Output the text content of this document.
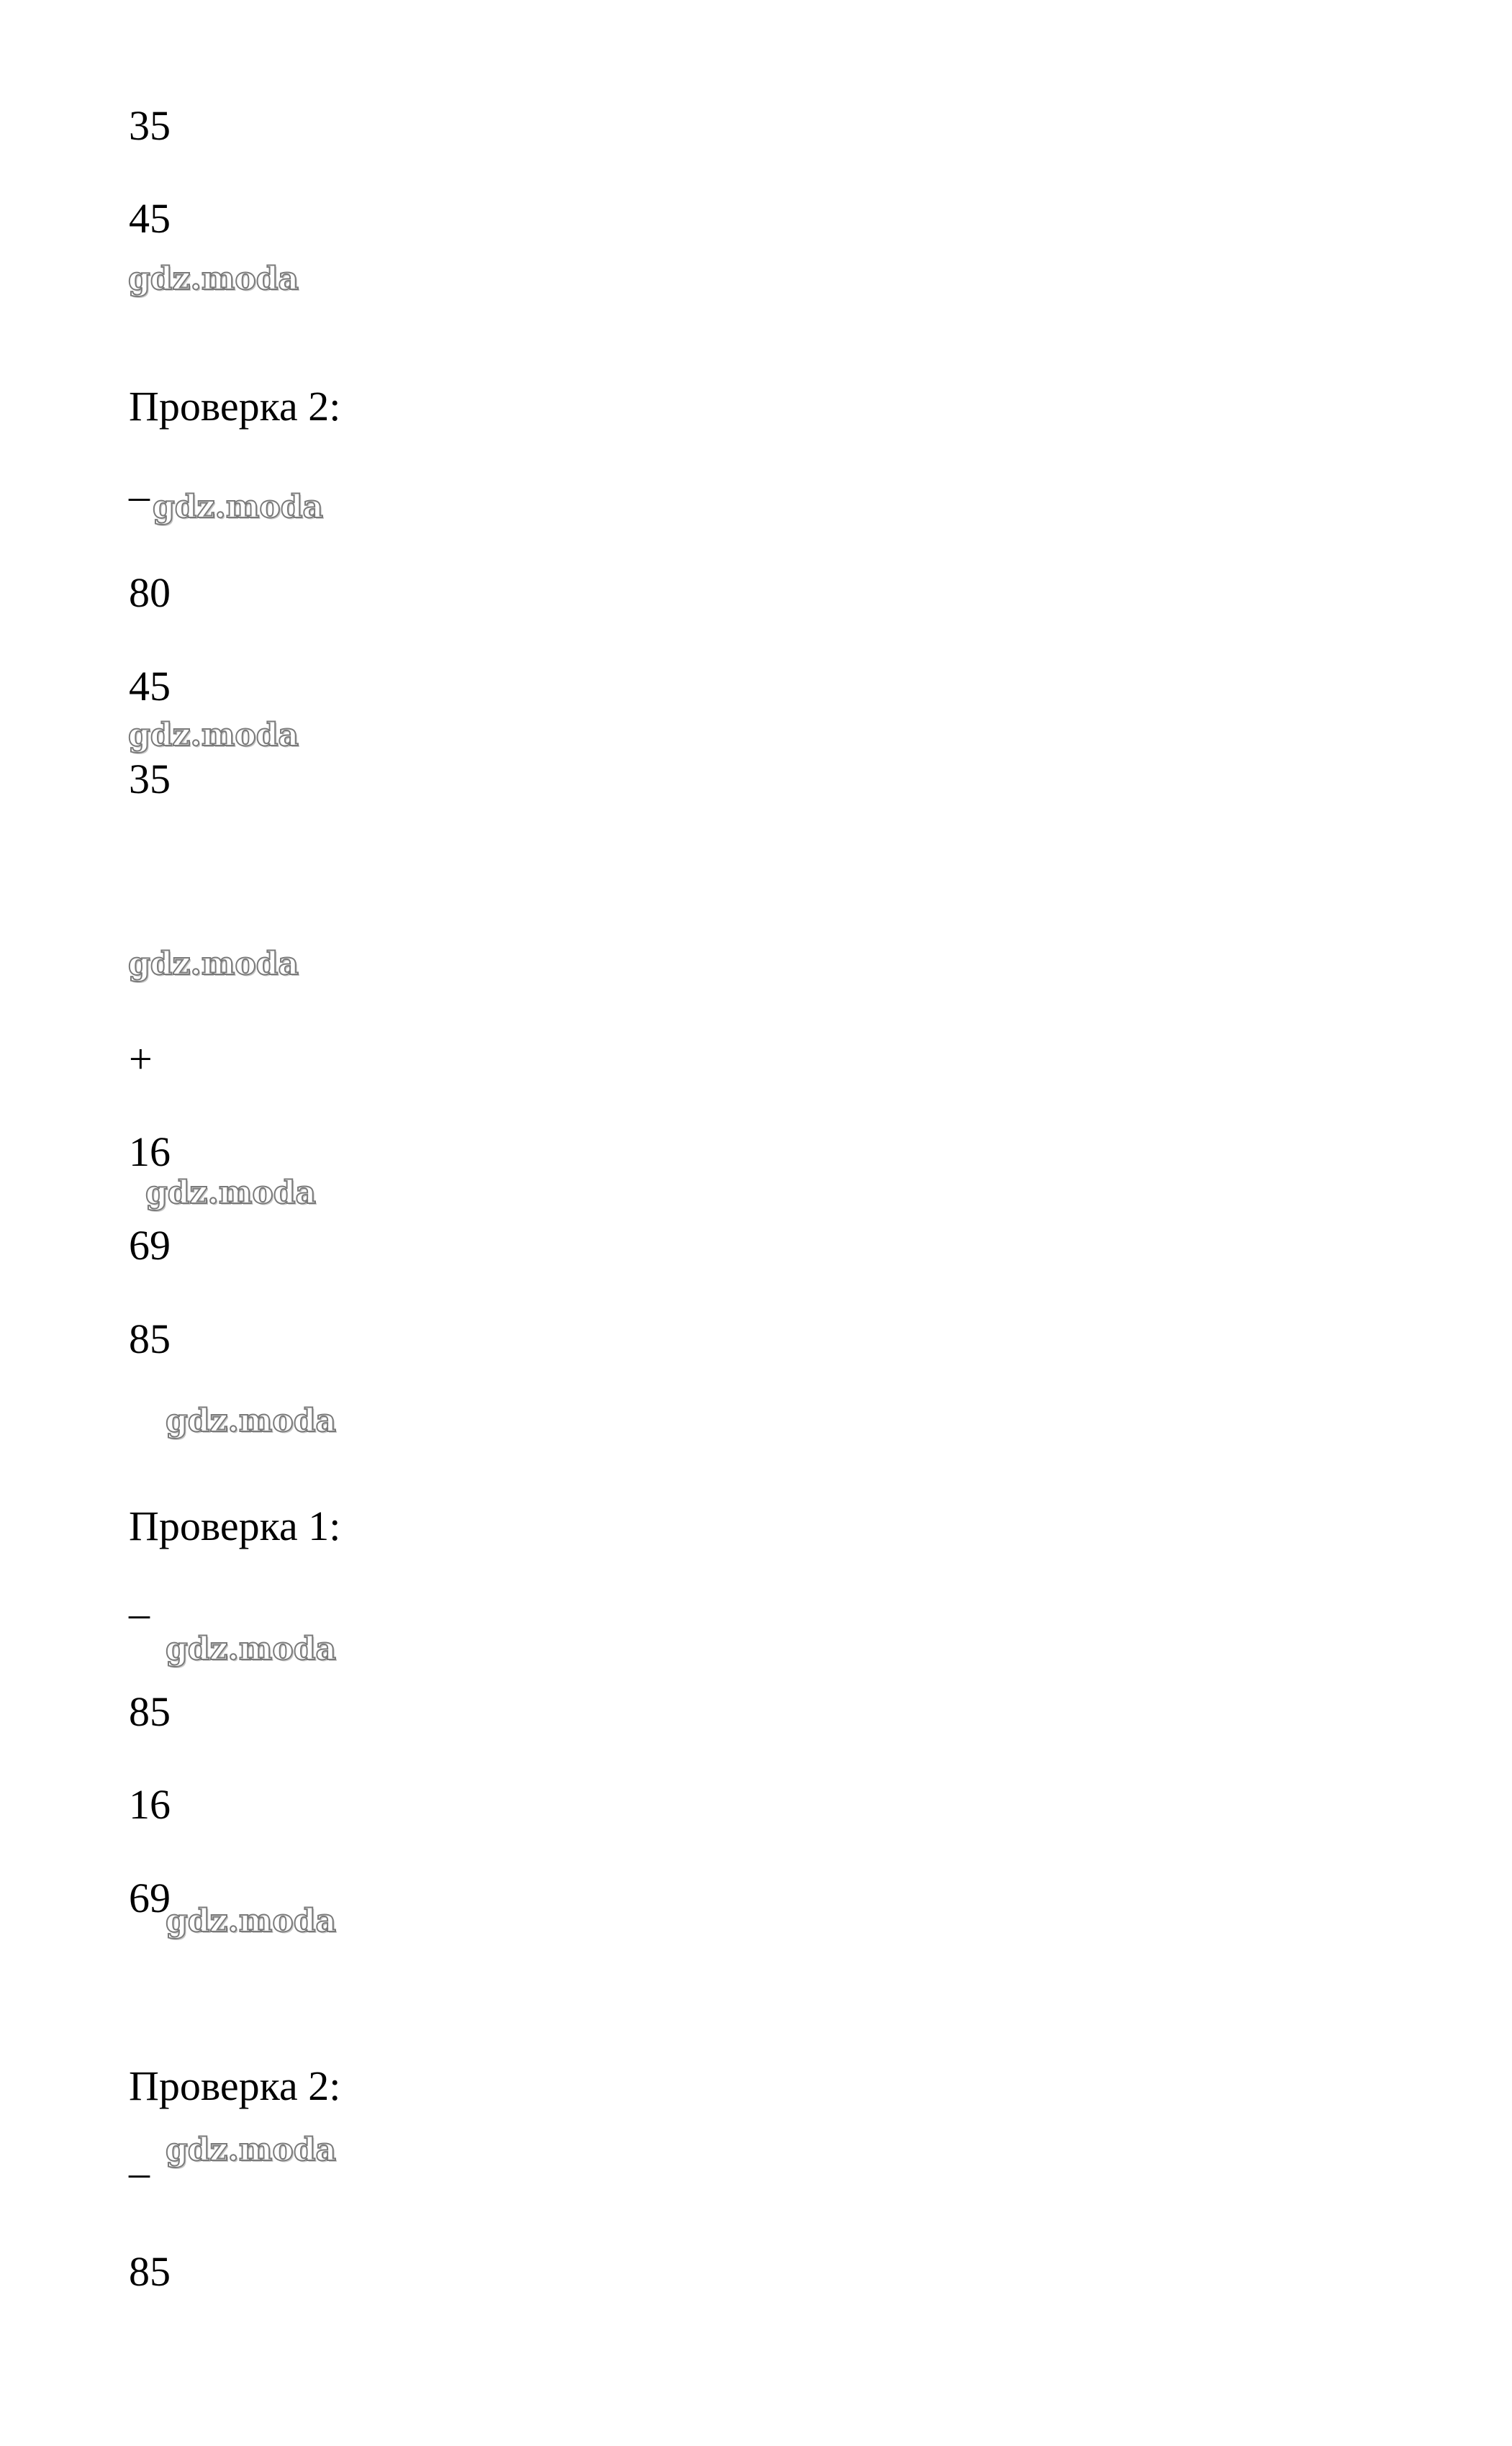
35
45
Проверка 2:
–
80
45
35
+
16
69
85
Проверка 1:
–
85
16
69
Проверка 2:
–
85
gdz.moda
gdz.moda
gdz.moda
gdz.moda
gdz.moda
gdz.moda
gdz.moda
gdz.moda
gdz.moda
